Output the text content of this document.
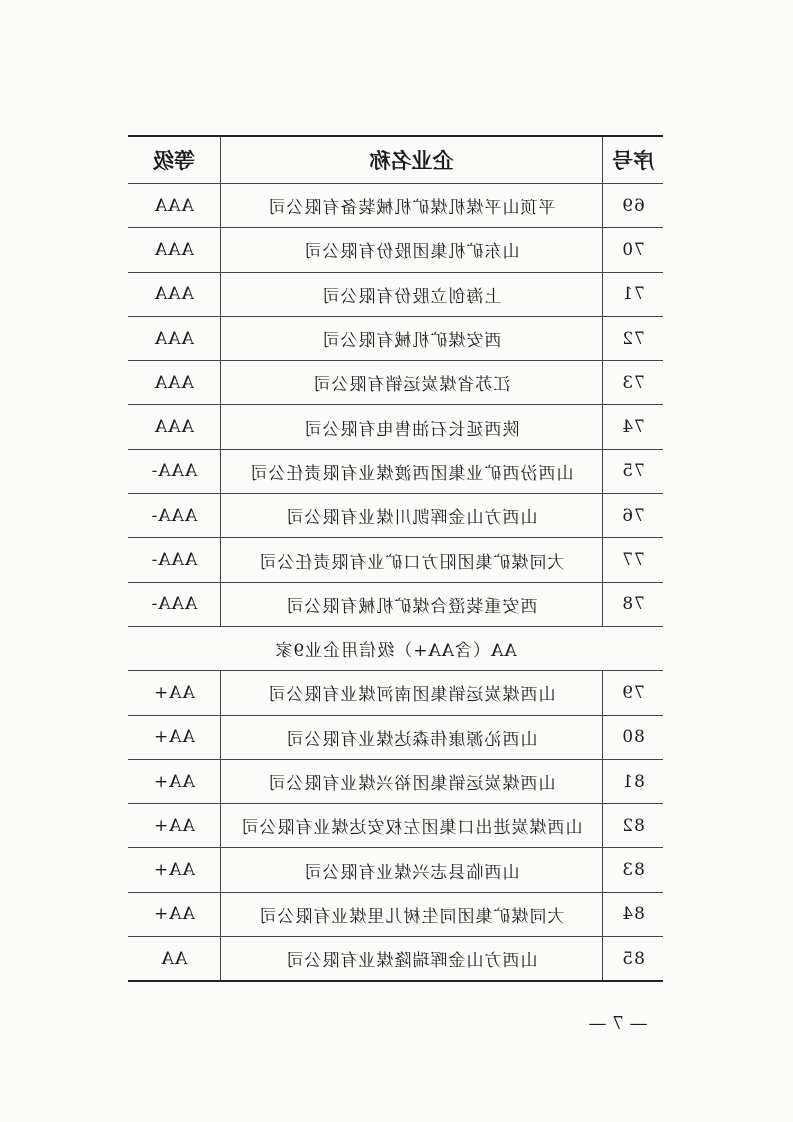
序号	企业名称	等级
69	平顶山平煤机煤矿机械装备有限公司	AAA
70	山东矿机集团股份有限公司	AAA
71	上海创立股份有限公司	AAA
72	西安煤矿机械有限公司	AAA
73	江苏省煤炭运销有限公司	AAA
74	陕西延长石油售电有限公司	AAA
75	山西汾西矿业集团西渡煤业有限责任公司	AAA-
76	山西方山金晖凯川煤业有限公司	AAA-
77	大同煤矿集团阳方口矿业有限责任公司	AAA-
78	西安重装澄合煤矿机械有限公司	AAA-
AA（含AA+）级信用企业9家		
79	山西煤炭运销集团南河煤业有限公司	AA+
80	山西沁源康伟森达煤业有限公司	AA+
81	山西煤炭运销集团裕兴煤业有限公司	AA+
82	山西煤炭进出口集团左权安达煤业有限公司	AA+
83	山西临县志兴煤业有限公司	AA+
84	大同煤矿集团同生树儿里煤业有限公司	AA+
85	山西方山金晖瑞隆煤业有限公司	AA
— 7 —
